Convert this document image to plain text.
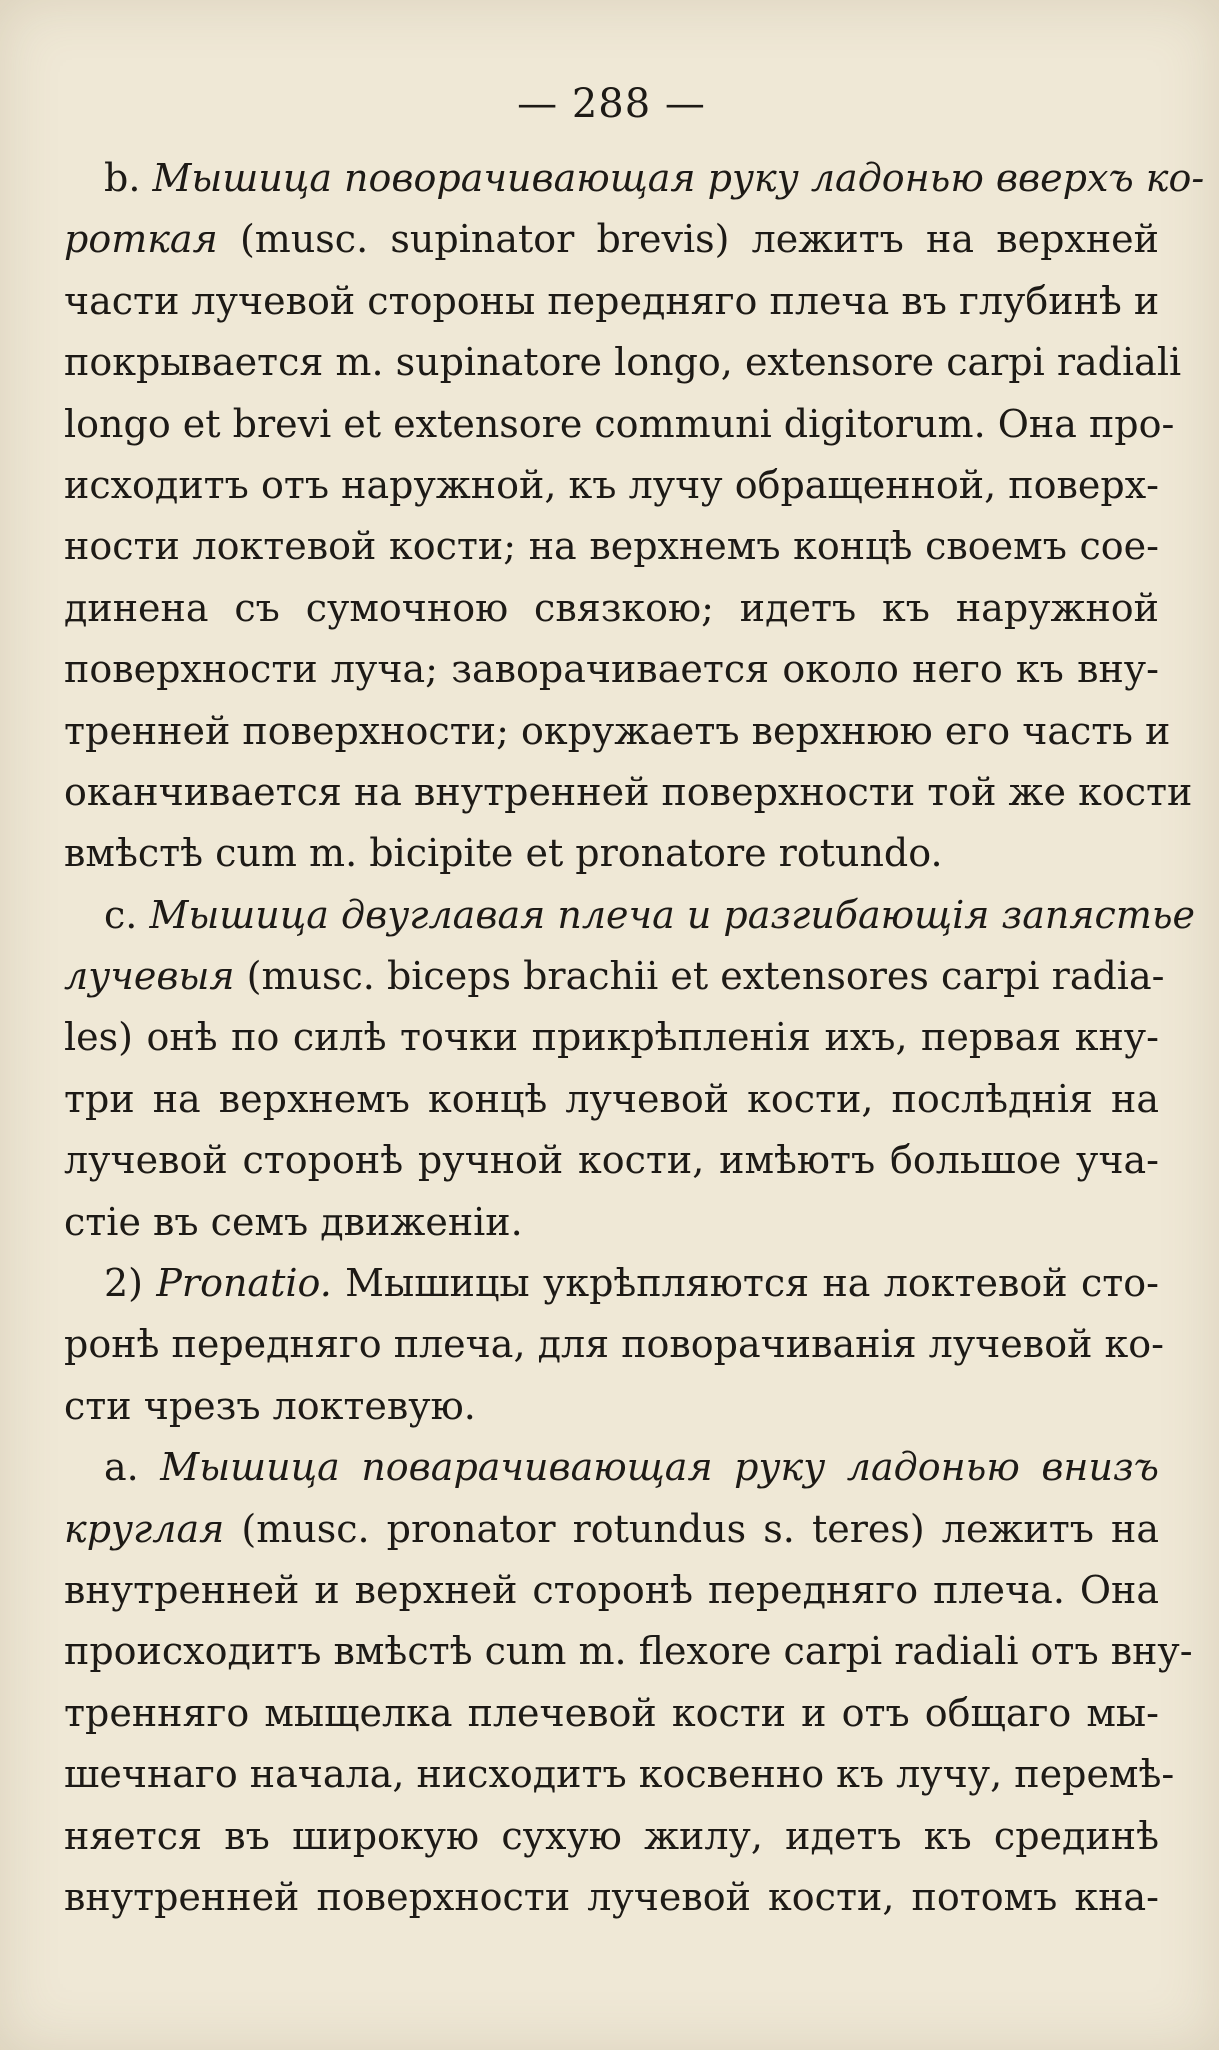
— 288 —
b. Мышица поворачивающая руку ладонью вверхъ ко-
роткая (musc. supinator brevis) лежитъ на верхней
части лучевой стороны передняго плеча въ глубинѣ и
покрывается m. supinatore longo, extensore carpi radiali
longo et brevi et extensore communi digitorum. Она про-
исходитъ отъ наружной, къ лучу обращенной, поверх-
ности локтевой кости; на верхнемъ концѣ своемъ сое-
динена съ сумочною связкою; идетъ къ наружной
поверхности луча; заворачивается около него къ вну-
тренней поверхности; окружаетъ верхнюю его часть и
оканчивается на внутренней поверхности той же кости
вмѣстѣ cum m. bicipite et pronatore rotundo.
c. Мышица двуглавая плеча и разгибающія запястье
лучевыя (musc. biceps brachii et extensores carpi radia-
les) онѣ по силѣ точки прикрѣпленія ихъ, первая кну-
три на верхнемъ концѣ лучевой кости, послѣднія на
лучевой сторонѣ ручной кости, имѣютъ большое уча-
стіе въ семъ движеніи.
2) Pronatio. Мышицы укрѣпляются на локтевой сто-
ронѣ передняго плеча, для поворачиванія лучевой ко-
сти чрезъ локтевую.
a. Мышица поварачивающая руку ладонью внизъ
круглая (musc. pronator rotundus s. teres) лежитъ на
внутренней и верхней сторонѣ передняго плеча. Она
происходитъ вмѣстѣ cum m. flexore carpi radiali отъ вну-
тренняго мыщелка плечевой кости и отъ общаго мы-
шечнаго начала, нисходитъ косвенно къ лучу, перемѣ-
няется въ широкую сухую жилу, идетъ къ срединѣ
внутренней поверхности лучевой кости, потомъ кна-
